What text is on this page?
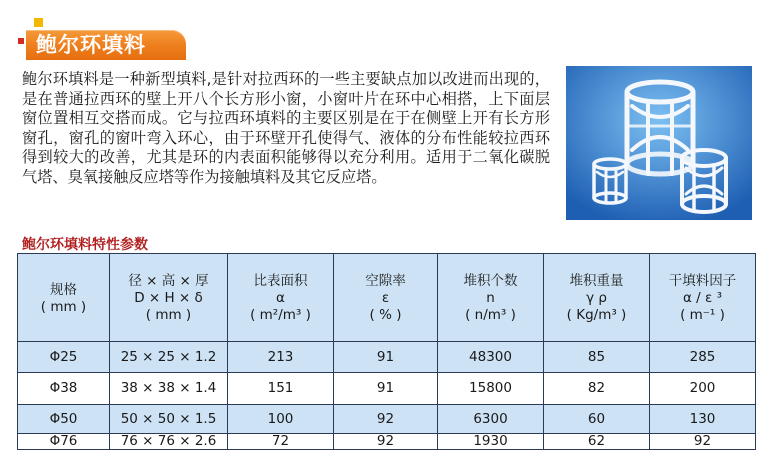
鲍尔环填料

鲍尔环填料是一种新型填料,是针对拉西环的一些主要缺点加以改进而出现的，是在普通拉西环的壁上开八个长方形小窗，小窗叶片在环中心相搭，上下面层窗位置相互交搭而成。它与拉西环填料的主要区别是在于在侧壁上开有长方形窗孔，窗孔的窗叶弯入环心，由于环壁开孔使得气、液体的分布性能较拉西环得到较大的改善，尤其是环的内表面积能够得以充分利用。适用于二氧化碳脱气塔、臭氧接触反应塔等作为接触填料及其它反应塔。

鲍尔环填料特性参数
规格
( mm )	径 × 高 × 厚
D × H × δ
( mm )	比表面积
α
( m²/m³ )	空隙率
ε
( % )	堆积个数
n
( n/m³ )	堆积重量
γ ρ
( Kg/m³ )	干填料因子
α / ε ³
( m⁻¹ )

Φ25	25 × 25 × 1.2	213	91	48300	85	285
Φ38	38 × 38 × 1.4	151	91	15800	82	200
Φ50	50 × 50 × 1.5	100	92	6300	60	130
Φ76	76 × 76 × 2.6	72	92	1930	62	92
